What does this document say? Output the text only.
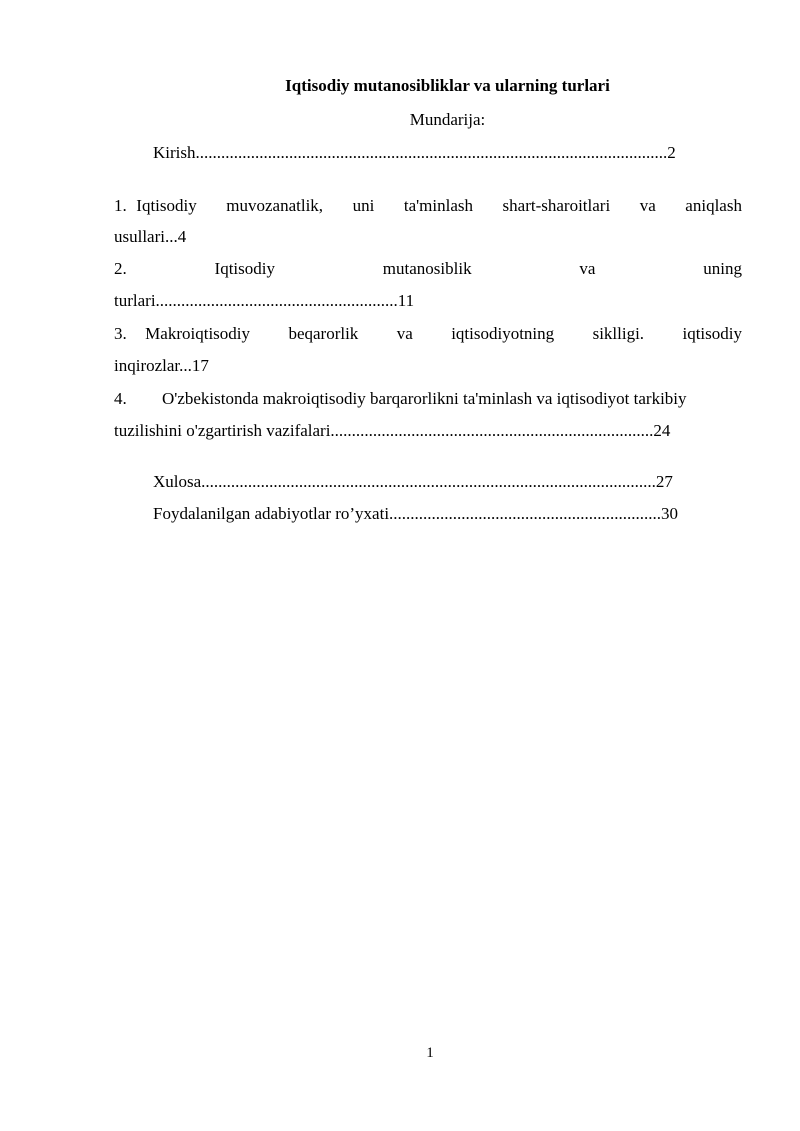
Iqtisodiy mutanosibliklar va ularning turlari
Mundarija:
Kirish...............................................................................................................2
1. Iqtisodiy muvozanatlik, uni ta'minlash shart-sharoitlari va aniqlash
usullari...4
2.	Iqtisodiy	mutanosiblik	va	uning
turlari.........................................................11
3. Makroiqtisodiy beqarorlik va iqtisodiyotning siklligi. iqtisodiy
inqirozlar...17
4. O'zbekistonda makroiqtisodiy barqarorlikni ta'minlash va iqtisodiyot tarkibiy
tuzilishini o'zgartirish vazifalari............................................................................24
Xulosa...........................................................................................................27
Foydalanilgan adabiyotlar ro’yxati................................................................30
1
